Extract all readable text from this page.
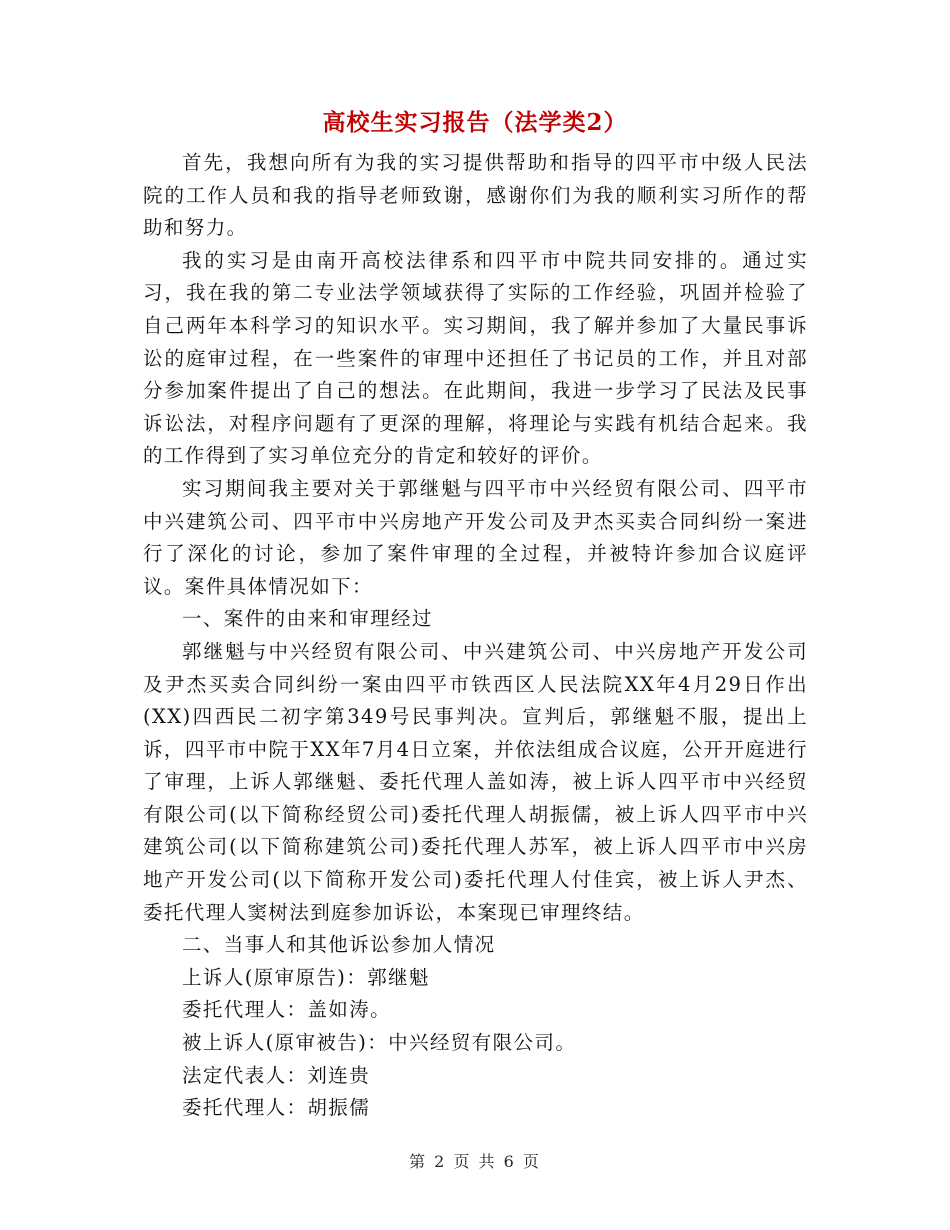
高校生实习报告（法学类2）

首先，我想向所有为我的实习提供帮助和指导的四平市中级人民法院的工作人员和我的指导老师致谢，感谢你们为我的顺利实习所作的帮助和努力。

我的实习是由南开高校法律系和四平市中院共同安排的。通过实习，我在我的第二专业法学领域获得了实际的工作经验，巩固并检验了自己两年本科学习的知识水平。实习期间，我了解并参加了大量民事诉讼的庭审过程，在一些案件的审理中还担任了书记员的工作，并且对部分参加案件提出了自己的想法。在此期间，我进一步学习了民法及民事诉讼法，对程序问题有了更深的理解，将理论与实践有机结合起来。我的工作得到了实习单位充分的肯定和较好的评价。

实习期间我主要对关于郭继魁与四平市中兴经贸有限公司、四平市中兴建筑公司、四平市中兴房地产开发公司及尹杰买卖合同纠纷一案进行了深化的讨论，参加了案件审理的全过程，并被特许参加合议庭评议。案件具体情况如下：

一、案件的由来和审理经过

郭继魁与中兴经贸有限公司、中兴建筑公司、中兴房地产开发公司及尹杰买卖合同纠纷一案由四平市铁西区人民法院XX年4月29日作出(XX)四西民二初字第349号民事判决。宣判后，郭继魁不服，提出上诉，四平市中院于XX年7月4日立案，并依法组成合议庭，公开开庭进行了审理，上诉人郭继魁、委托代理人盖如涛，被上诉人四平市中兴经贸有限公司(以下简称经贸公司)委托代理人胡振儒，被上诉人四平市中兴建筑公司(以下简称建筑公司)委托代理人苏军，被上诉人四平市中兴房地产开发公司(以下简称开发公司)委托代理人付佳宾，被上诉人尹杰、委托代理人窦树法到庭参加诉讼，本案现已审理终结。

二、当事人和其他诉讼参加人情况

上诉人(原审原告)：郭继魁

委托代理人：盖如涛。

被上诉人(原审被告)：中兴经贸有限公司。

法定代表人：刘连贵

委托代理人：胡振儒

第 2 页 共 6 页
